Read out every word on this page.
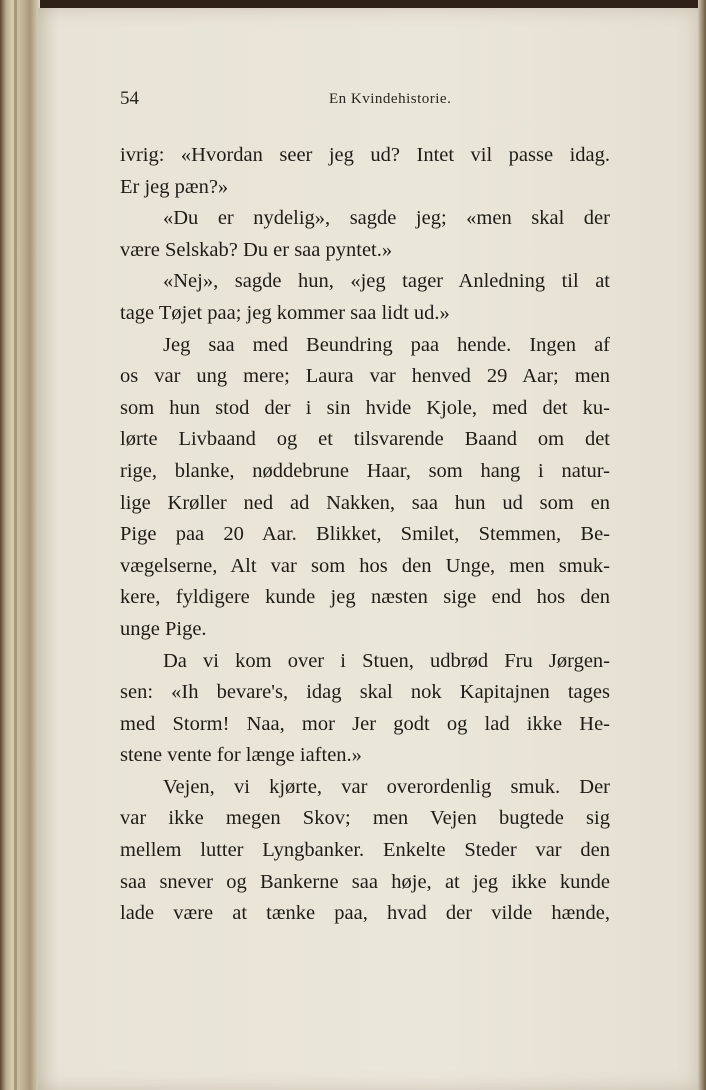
54	En Kvindehistorie.
ivrig: «Hvordan seer jeg ud? Intet vil passe idag.
Er jeg pæn?»
«Du er nydelig», sagde jeg; «men skal der
være Selskab? Du er saa pyntet.»
«Nej», sagde hun, «jeg tager Anledning til at
tage Tøjet paa; jeg kommer saa lidt ud.»
Jeg saa med Beundring paa hende. Ingen af
os var ung mere; Laura var henved 29 Aar; men
som hun stod der i sin hvide Kjole, med det ku-
lørte Livbaand og et tilsvarende Baand om det
rige, blanke, nøddebrune Haar, som hang i natur-
lige Krøller ned ad Nakken, saa hun ud som en
Pige paa 20 Aar. Blikket, Smilet, Stemmen, Be-
vægelserne, Alt var som hos den Unge, men smuk-
kere, fyldigere kunde jeg næsten sige end hos den
unge Pige.
Da vi kom over i Stuen, udbrød Fru Jørgen-
sen: «Ih bevare's, idag skal nok Kapitajnen tages
med Storm! Naa, mor Jer godt og lad ikke He-
stene vente for længe iaften.»
Vejen, vi kjørte, var overordenlig smuk. Der
var ikke megen Skov; men Vejen bugtede sig
mellem lutter Lyngbanker. Enkelte Steder var den
saa snever og Bankerne saa høje, at jeg ikke kunde
lade være at tænke paa, hvad der vilde hænde,
